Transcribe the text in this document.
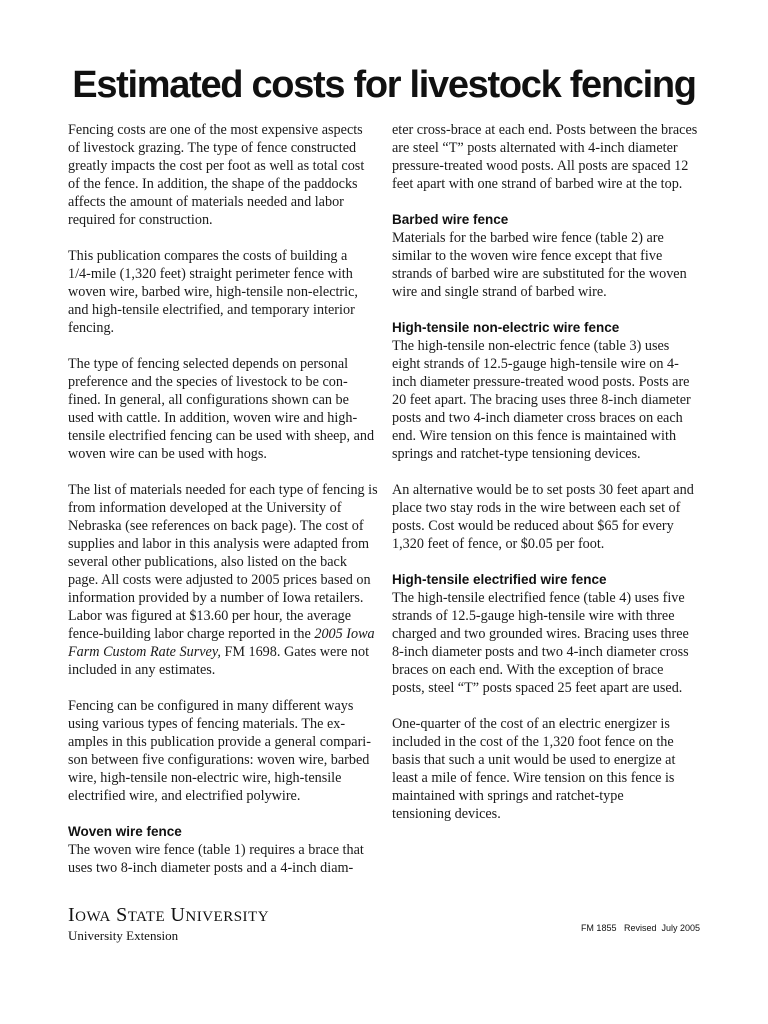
Estimated costs for livestock fencing

Fencing costs are one of the most expensive aspects
of livestock grazing. The type of fence constructed
greatly impacts the cost per foot as well as total cost
of the fence. In addition, the shape of the paddocks
affects the amount of materials needed and labor
required for construction.

This publication compares the costs of building a
1/4-mile (1,320 feet) straight perimeter fence with
woven wire, barbed wire, high-tensile non-electric,
and high-tensile electrified, and temporary interior
fencing.

The type of fencing selected depends on personal
preference and the species of livestock to be con-
fined. In general, all configurations shown can be
used with cattle. In addition, woven wire and high-
tensile electrified fencing can be used with sheep, and
woven wire can be used with hogs.

The list of materials needed for each type of fencing is
from information developed at the University of
Nebraska (see references on back page). The cost of
supplies and labor in this analysis were adapted from
several other publications, also listed on the back
page. All costs were adjusted to 2005 prices based on
information provided by a number of Iowa retailers.
Labor was figured at $13.60 per hour, the average
fence-building labor charge reported in the 2005 Iowa
Farm Custom Rate Survey, FM 1698. Gates were not
included in any estimates.

Fencing can be configured in many different ways
using various types of fencing materials. The ex-
amples in this publication provide a general compari-
son between five configurations: woven wire, barbed
wire, high-tensile non-electric wire, high-tensile
electrified wire, and electrified polywire.

Woven wire fence

The woven wire fence (table 1) requires a brace that
uses two 8-inch diameter posts and a 4-inch diam-

eter cross-brace at each end. Posts between the braces
are steel “T” posts alternated with 4-inch diameter
pressure-treated wood posts. All posts are spaced 12
feet apart with one strand of barbed wire at the top.

Barbed wire fence

Materials for the barbed wire fence (table 2) are
similar to the woven wire fence except that five
strands of barbed wire are substituted for the woven
wire and single strand of barbed wire.

High-tensile non-electric wire fence

The high-tensile non-electric fence (table 3) uses
eight strands of 12.5-gauge high-tensile wire on 4-
inch diameter pressure-treated wood posts. Posts are
20 feet apart. The bracing uses three 8-inch diameter
posts and two 4-inch diameter cross braces on each
end. Wire tension on this fence is maintained with
springs and ratchet-type tensioning devices.

An alternative would be to set posts 30 feet apart and
place two stay rods in the wire between each set of
posts. Cost would be reduced about $65 for every
1,320 feet of fence, or $0.05 per foot.

High-tensile electrified wire fence

The high-tensile electrified fence (table 4) uses five
strands of 12.5-gauge high-tensile wire with three
charged and two grounded wires. Bracing uses three
8-inch diameter posts and two 4-inch diameter cross
braces on each end. With the exception of brace
posts, steel “T” posts spaced 25 feet apart are used.

One-quarter of the cost of an electric energizer is
included in the cost of the 1,320 foot fence on the
basis that such a unit would be used to energize at
least a mile of fence. Wire tension on this fence is
maintained with springs and ratchet-type
tensioning devices.

IOWA STATE UNIVERSITY
University Extension	FM 1855   Revised  July 2005
